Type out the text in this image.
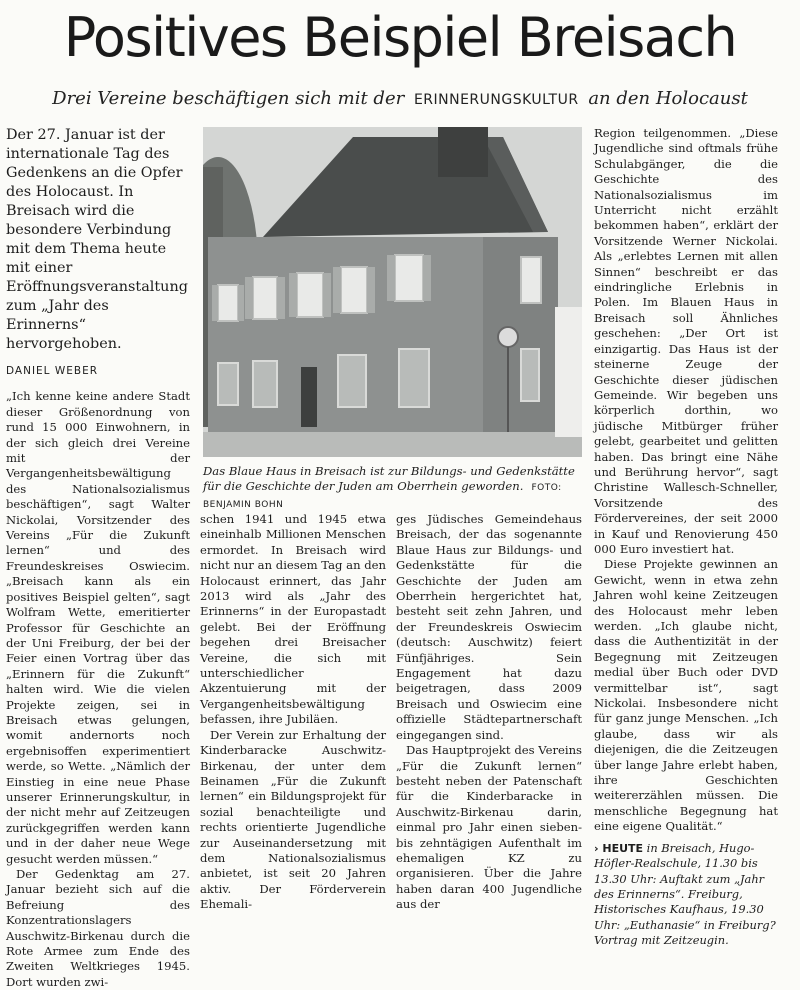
Positives Beispiel Breisach
Drei Vereine beschäftigen sich mit der ERINNERUNGSKULTUR an den Holocaust
Der 27. Januar ist der internationale Tag des Gedenkens an die Opfer des Holocaust. In Breisach wird die besondere Verbindung mit dem Thema heute mit einer Eröffnungsveranstaltung zum „Jahr des Erinnerns“ hervorgehoben.
DANIEL WEBER

„Ich kenne keine andere Stadt dieser Größenordnung von rund 15 000 Einwohnern, in der sich gleich drei Vereine mit der Vergangenheitsbewältigung des Nationalsozialismus beschäftigen“, sagt Walter Nickolai, Vorsitzender des Vereins „Für die Zukunft lernen“ und des Freundeskreises Oswiecim. „Breisach kann als ein positives Beispiel gelten“, sagt Wolfram Wette, emeritierter Professor für Geschichte an der Uni Freiburg, der bei der Feier einen Vortrag über das „Erinnern für die Zukunft“ halten wird. Wie die vielen Projekte zeigen, sei in Breisach etwas gelungen, womit andernorts noch ergebnisoffen experimentiert werde, so Wette. „Nämlich der Einstieg in eine neue Phase unserer Erinnerungskultur, in der nicht mehr auf Zeitzeugen zurückgegriffen werden kann und in der daher neue Wege gesucht werden müssen.“

Der Gedenktag am 27. Januar bezieht sich auf die Befreiung des Konzentrationslagers Auschwitz-Birkenau durch die Rote Armee zum Ende des Zweiten Weltkrieges 1945. Dort wurden zwi-

Das Blaue Haus in Breisach ist zur Bildungs- und Gedenkstätte für die Geschichte der Juden am Oberrhein geworden. FOTO: BENJAMIN BOHN

schen 1941 und 1945 etwa eineinhalb Millionen Menschen ermordet. In Breisach wird nicht nur an diesem Tag an den Holocaust erinnert, das Jahr 2013 wird als „Jahr des Erinnerns“ in der Europastadt gelebt. Bei der Eröffnung begehen drei Breisacher Vereine, die sich mit unterschiedlicher Akzentuierung mit der Vergangenheitsbewältigung befassen, ihre Jubiläen.

Der Verein zur Erhaltung der Kinderbaracke Auschwitz-Birkenau, der unter dem Beinamen „Für die Zukunft lernen“ ein Bildungsprojekt für sozial benachteiligte und rechts orientierte Jugendliche zur Auseinandersetzung mit dem Nationalsozialismus anbietet, ist seit 20 Jahren aktiv. Der Förderverein Ehemali-

ges Jüdisches Gemeindehaus Breisach, der das sogenannte Blaue Haus zur Bildungs- und Gedenkstätte für die Geschichte der Juden am Oberrhein hergerichtet hat, besteht seit zehn Jahren, und der Freundeskreis Oswiecim (deutsch: Auschwitz) feiert Fünfjähriges. Sein Engagement hat dazu beigetragen, dass 2009 Breisach und Oswiecim eine offizielle Städtepartnerschaft eingegangen sind.

Das Hauptprojekt des Vereins „Für die Zukunft lernen“ besteht neben der Patenschaft für die Kinderbaracke in Auschwitz-Birkenau darin, einmal pro Jahr einen sieben- bis zehntägigen Aufenthalt im ehemaligen KZ zu organisieren. Über die Jahre haben daran 400 Jugendliche aus der

Region teilgenommen. „Diese Jugendliche sind oftmals frühe Schulabgänger, die die Geschichte des Nationalsozialismus im Unterricht nicht erzählt bekommen haben“, erklärt der Vorsitzende Werner Nickolai. Als „erlebtes Lernen mit allen Sinnen“ beschreibt er das eindringliche Erlebnis in Polen. Im Blauen Haus in Breisach soll Ähnliches geschehen: „Der Ort ist einzigartig. Das Haus ist der steinerne Zeuge der Geschichte dieser jüdischen Gemeinde. Wir begeben uns körperlich dorthin, wo jüdische Mitbürger früher gelebt, gearbeitet und gelitten haben. Das bringt eine Nähe und Berührung hervor“, sagt Christine Wallesch-Schneller, Vorsitzende des Fördervereines, der seit 2000 in Kauf und Renovierung 450 000 Euro investiert hat.

Diese Projekte gewinnen an Gewicht, wenn in etwa zehn Jahren wohl keine Zeitzeugen des Holocaust mehr leben werden. „Ich glaube nicht, dass die Authentizität in der Begegnung mit Zeitzeugen medial über Buch oder DVD vermittelbar ist“, sagt Nickolai. Insbesondere nicht für ganz junge Menschen. „Ich glaube, dass wir als diejenigen, die die Zeitzeugen über lange Jahre erlebt haben, ihre Geschichten weitererzählen müssen. Die menschliche Begegnung hat eine eigene Qualität.“

› HEUTE in Breisach, Hugo-Höfler-Realschule, 11.30 bis 13.30 Uhr: Auftakt zum „Jahr des Erinnerns“. Freiburg, Historisches Kaufhaus, 19.30 Uhr: „Euthanasie“ in Freiburg? Vortrag mit Zeitzeugin.
